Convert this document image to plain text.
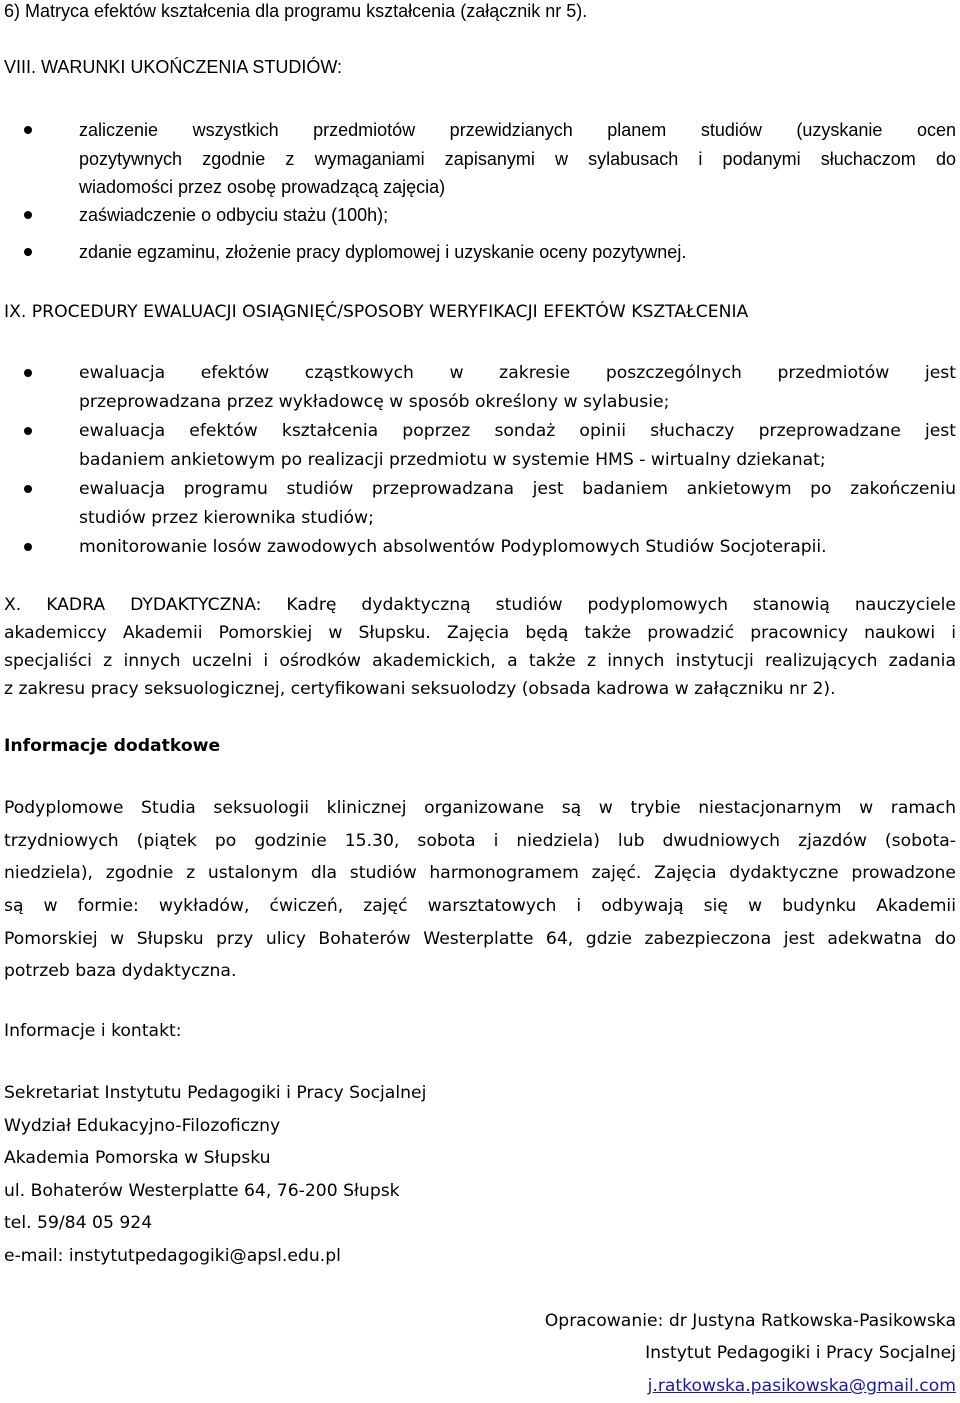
6) Matryca efektów kształcenia dla programu kształcenia (załącznik nr 5).
VIII. WARUNKI UKOŃCZENIA STUDIÓW:
zaliczenie wszystkich przedmiotów przewidzianych planem studiów (uzyskanie ocen
pozytywnych zgodnie z wymaganiami zapisanymi w sylabusach i podanymi słuchaczom do
wiadomości przez osobę prowadzącą zajęcia)
zaświadczenie o odbyciu stażu (100h);
zdanie egzaminu, złożenie pracy dyplomowej i uzyskanie oceny pozytywnej.
IX. PROCEDURY EWALUACJI OSIĄGNIĘĆ/SPOSOBY WERYFIKACJI EFEKTÓW KSZTAŁCENIA
ewaluacja efektów cząstkowych w zakresie poszczególnych przedmiotów jest
przeprowadzana przez wykładowcę w sposób określony w sylabusie;
ewaluacja efektów kształcenia poprzez sondaż opinii słuchaczy przeprowadzane jest
badaniem ankietowym po realizacji przedmiotu w systemie HMS - wirtualny dziekanat;
ewaluacja programu studiów przeprowadzana jest badaniem ankietowym po zakończeniu
studiów przez kierownika studiów;
monitorowanie losów zawodowych absolwentów Podyplomowych Studiów Socjoterapii.
X. KADRA DYDAKTYCZNA: Kadrę dydaktyczną studiów podyplomowych stanowią nauczyciele
akademiccy Akademii Pomorskiej w Słupsku. Zajęcia będą także prowadzić pracownicy naukowi i
specjaliści z innych uczelni i ośrodków akademickich, a także z innych instytucji realizujących zadania
z zakresu pracy seksuologicznej, certyfikowani seksuolodzy (obsada kadrowa w załączniku nr 2).
Informacje dodatkowe
Podyplomowe Studia seksuologii klinicznej organizowane są w trybie niestacjonarnym w ramach
trzydniowych (piątek po godzinie 15.30, sobota i niedziela) lub dwudniowych zjazdów (sobota-
niedziela), zgodnie z ustalonym dla studiów harmonogramem zajęć. Zajęcia dydaktyczne prowadzone
są w formie: wykładów, ćwiczeń, zajęć warsztatowych i odbywają się w budynku Akademii
Pomorskiej w Słupsku przy ulicy Bohaterów Westerplatte 64, gdzie zabezpieczona jest adekwatna do
potrzeb baza dydaktyczna.
Informacje i kontakt:
Sekretariat Instytutu Pedagogiki i Pracy Socjalnej
Wydział Edukacyjno-Filozoficzny
Akademia Pomorska w Słupsku
ul. Bohaterów Westerplatte 64, 76-200 Słupsk
tel. 59/84 05 924
e-mail: instytutpedagogiki@apsl.edu.pl
Opracowanie: dr Justyna Ratkowska-Pasikowska
Instytut Pedagogiki i Pracy Socjalnej
j.ratkowska.pasikowska@gmail.com
